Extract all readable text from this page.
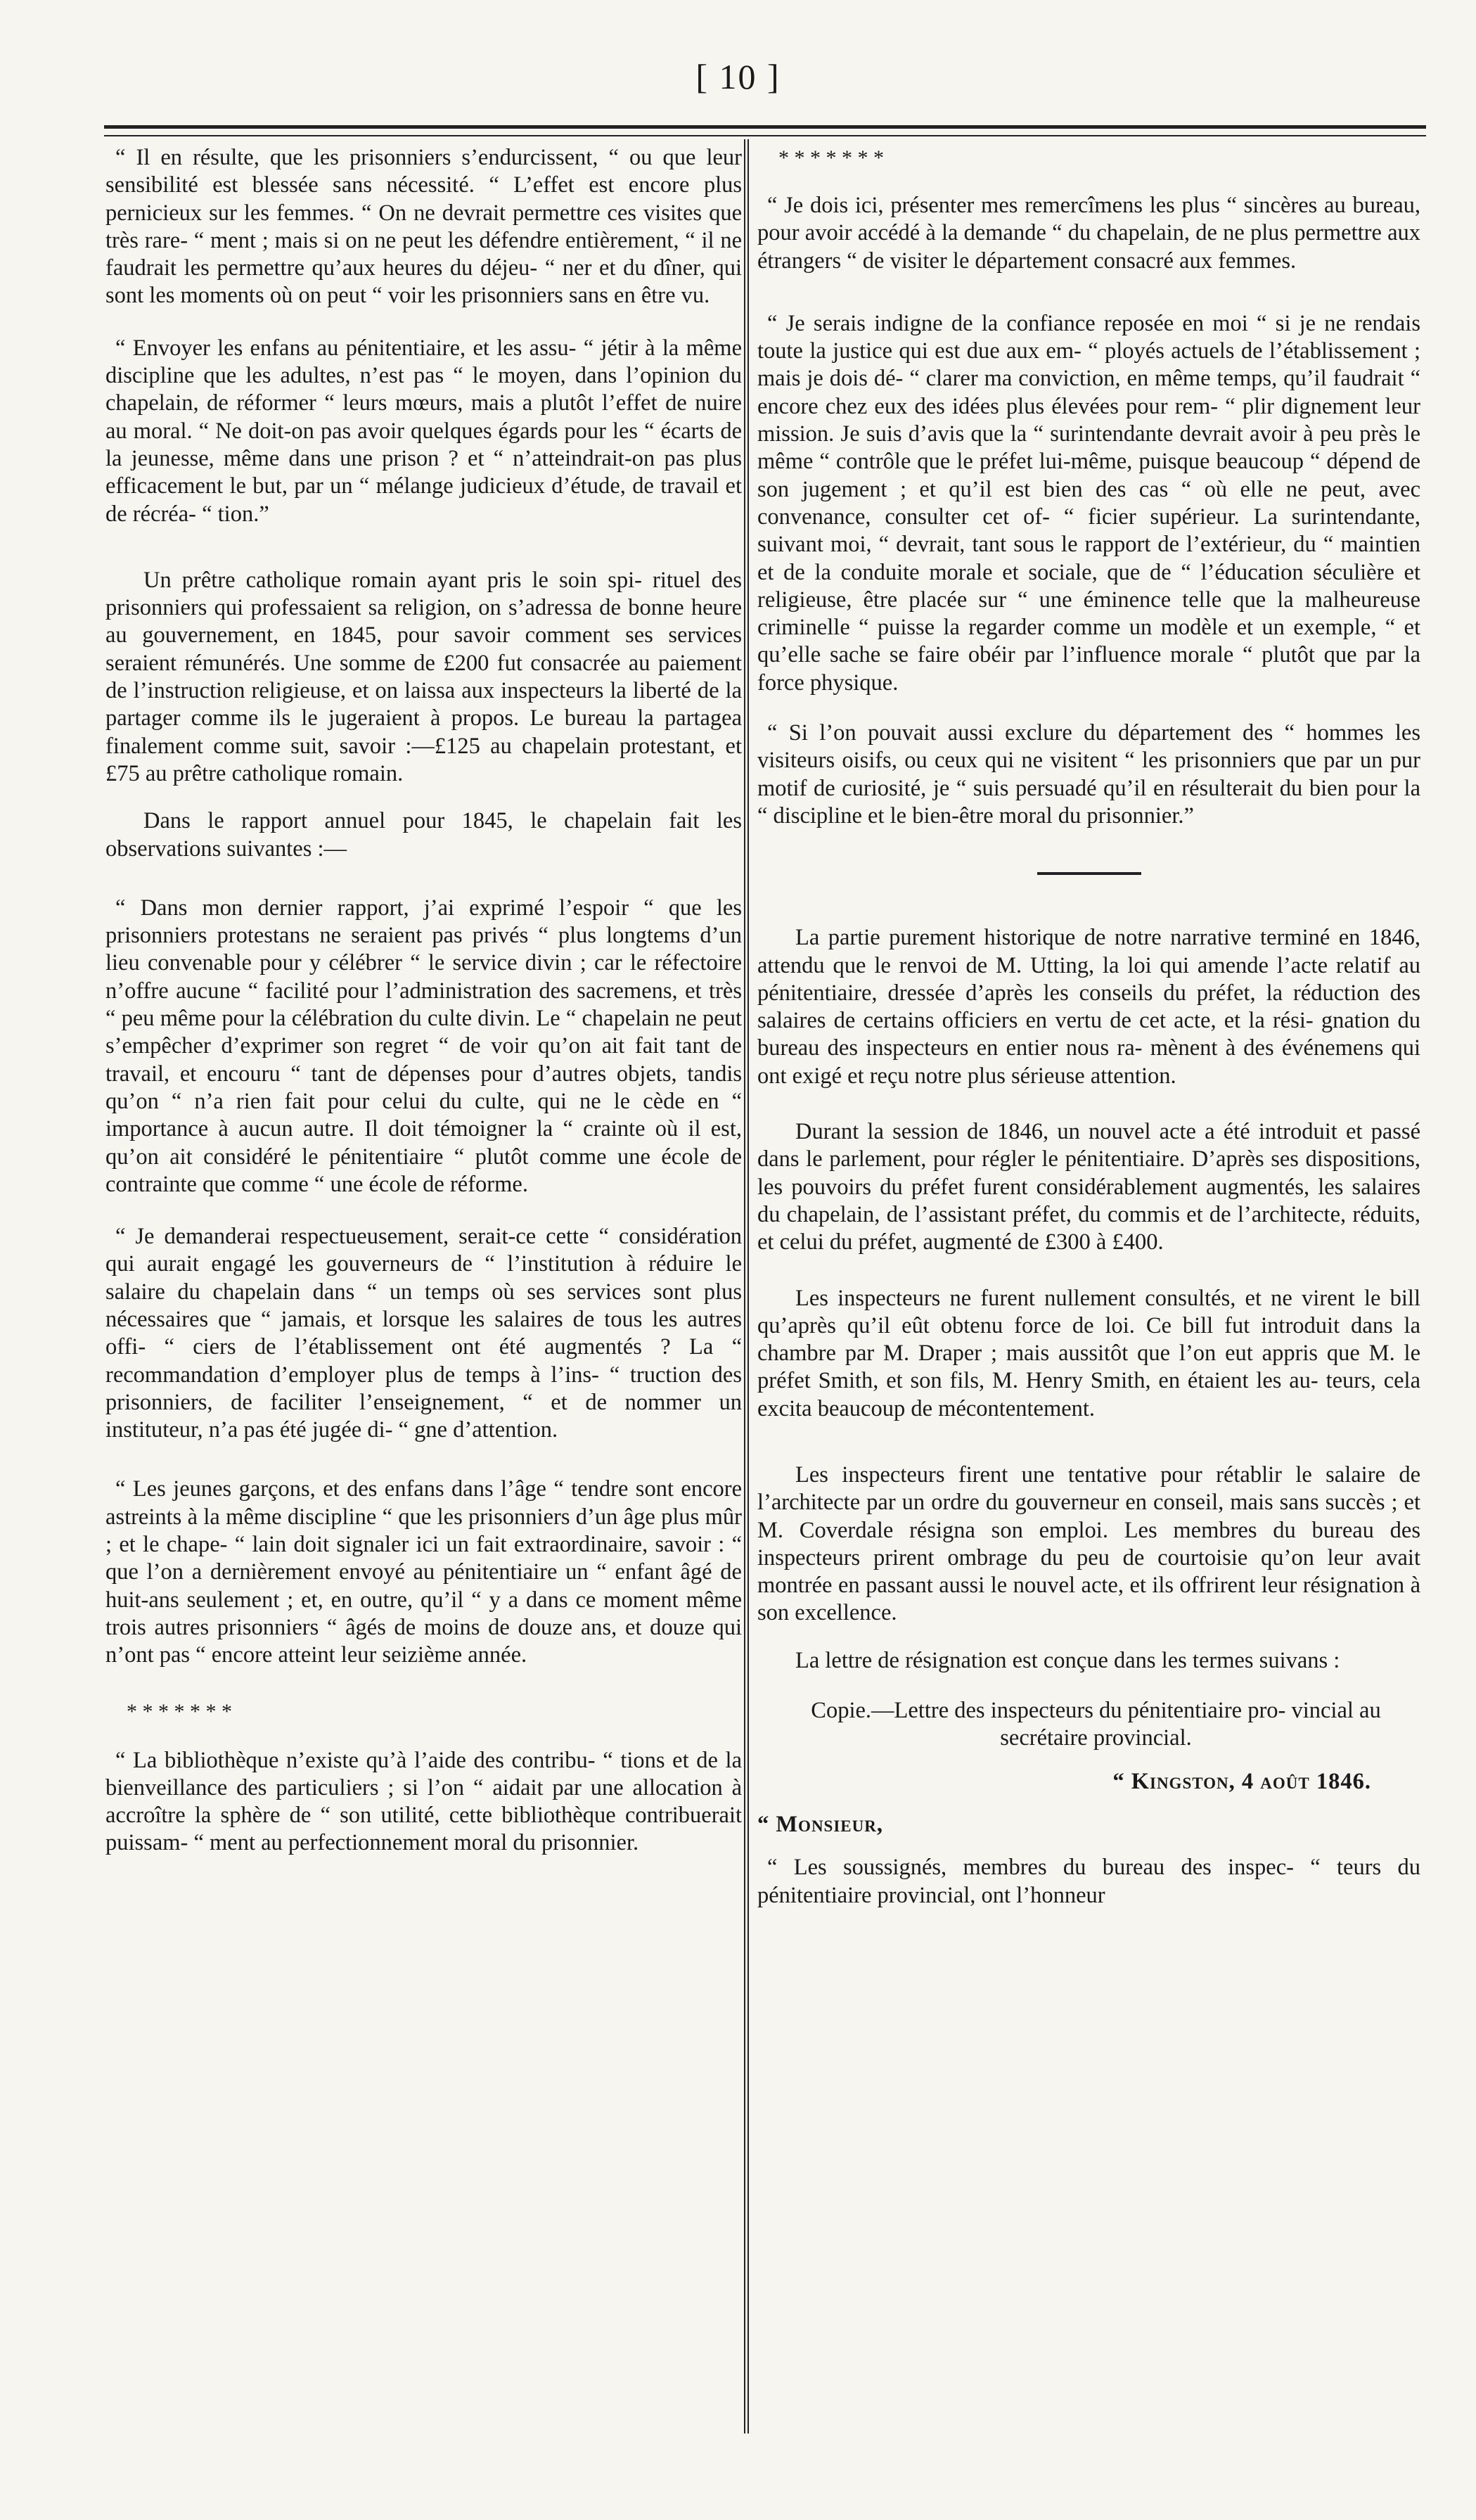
[ 10 ]

“ Il en résulte, que les prisonniers s’endurcissent, “ ou que leur sensibilité est blessée sans nécessité. “ L’effet est encore plus pernicieux sur les femmes. “ On ne devrait permettre ces visites que très rare- “ ment ; mais si on ne peut les défendre entièrement, “ il ne faudrait les permettre qu’aux heures du déjeu- “ ner et du dîner, qui sont les moments où on peut “ voir les prisonniers sans en être vu.

“ Envoyer les enfans au pénitentiaire, et les assu- “ jétir à la même discipline que les adultes, n’est pas “ le moyen, dans l’opinion du chapelain, de réformer “ leurs mœurs, mais a plutôt l’effet de nuire au moral. “ Ne doit-on pas avoir quelques égards pour les “ écarts de la jeunesse, même dans une prison ? et “ n’atteindrait-on pas plus efficacement le but, par un “ mélange judicieux d’étude, de travail et de récréa- “ tion.”

Un prêtre catholique romain ayant pris le soin spi- rituel des prisonniers qui professaient sa religion, on s’adressa de bonne heure au gouvernement, en 1845, pour savoir comment ses services seraient rémunérés. Une somme de £200 fut consacrée au paiement de l’instruction religieuse, et on laissa aux inspecteurs la liberté de la partager comme ils le jugeraient à propos. Le bureau la partagea finalement comme suit, savoir :—£125 au chapelain protestant, et £75 au prêtre catholique romain.

Dans le rapport annuel pour 1845, le chapelain fait les observations suivantes :—

“ Dans mon dernier rapport, j’ai exprimé l’espoir “ que les prisonniers protestans ne seraient pas privés “ plus longtems d’un lieu convenable pour y célébrer “ le service divin ; car le réfectoire n’offre aucune “ facilité pour l’administration des sacremens, et très “ peu même pour la célébration du culte divin. Le “ chapelain ne peut s’empêcher d’exprimer son regret “ de voir qu’on ait fait tant de travail, et encouru “ tant de dépenses pour d’autres objets, tandis qu’on “ n’a rien fait pour celui du culte, qui ne le cède en “ importance à aucun autre. Il doit témoigner la “ crainte où il est, qu’on ait considéré le pénitentiaire “ plutôt comme une école de contrainte que comme “ une école de réforme.

“ Je demanderai respectueusement, serait-ce cette “ considération qui aurait engagé les gouverneurs de “ l’institution à réduire le salaire du chapelain dans “ un temps où ses services sont plus nécessaires que “ jamais, et lorsque les salaires de tous les autres offi- “ ciers de l’établissement ont été augmentés ? La “ recommandation d’employer plus de temps à l’ins- “ truction des prisonniers, de faciliter l’enseignement, “ et de nommer un instituteur, n’a pas été jugée di- “ gne d’attention.

“ Les jeunes garçons, et des enfans dans l’âge “ tendre sont encore astreints à la même discipline “ que les prisonniers d’un âge plus mûr ; et le chape- “ lain doit signaler ici un fait extraordinaire, savoir : “ que l’on a dernièrement envoyé au pénitentiaire un “ enfant âgé de huit-ans seulement ; et, en outre, qu’il “ y a dans ce moment même trois autres prisonniers “ âgés de moins de douze ans, et douze qui n’ont pas “ encore atteint leur seizième année.

* * * * * * *

“ La bibliothèque n’existe qu’à l’aide des contribu- “ tions et de la bienveillance des particuliers ; si l’on “ aidait par une allocation à accroître la sphère de “ son utilité, cette bibliothèque contribuerait puissam- “ ment au perfectionnement moral du prisonnier.

* * * * * * *

“ Je dois ici, présenter mes remercîmens les plus “ sincères au bureau, pour avoir accédé à la demande “ du chapelain, de ne plus permettre aux étrangers “ de visiter le département consacré aux femmes.

“ Je serais indigne de la confiance reposée en moi “ si je ne rendais toute la justice qui est due aux em- “ ployés actuels de l’établissement ; mais je dois dé- “ clarer ma conviction, en même temps, qu’il faudrait “ encore chez eux des idées plus élevées pour rem- “ plir dignement leur mission. Je suis d’avis que la “ surintendante devrait avoir à peu près le même “ contrôle que le préfet lui-même, puisque beaucoup “ dépend de son jugement ; et qu’il est bien des cas “ où elle ne peut, avec convenance, consulter cet of- “ ficier supérieur. La surintendante, suivant moi, “ devrait, tant sous le rapport de l’extérieur, du “ maintien et de la conduite morale et sociale, que de “ l’éducation séculière et religieuse, être placée sur “ une éminence telle que la malheureuse criminelle “ puisse la regarder comme un modèle et un exemple, “ et qu’elle sache se faire obéir par l’influence morale “ plutôt que par la force physique.

“ Si l’on pouvait aussi exclure du département des “ hommes les visiteurs oisifs, ou ceux qui ne visitent “ les prisonniers que par un pur motif de curiosité, je “ suis persuadé qu’il en résulterait du bien pour la “ discipline et le bien-être moral du prisonnier.”

La partie purement historique de notre narrative terminé en 1846, attendu que le renvoi de M. Utting, la loi qui amende l’acte relatif au pénitentiaire, dressée d’après les conseils du préfet, la réduction des salaires de certains officiers en vertu de cet acte, et la rési- gnation du bureau des inspecteurs en entier nous ra- mènent à des événemens qui ont exigé et reçu notre plus sérieuse attention.

Durant la session de 1846, un nouvel acte a été introduit et passé dans le parlement, pour régler le pénitentiaire. D’après ses dispositions, les pouvoirs du préfet furent considérablement augmentés, les salaires du chapelain, de l’assistant préfet, du commis et de l’architecte, réduits, et celui du préfet, augmenté de £300 à £400.

Les inspecteurs ne furent nullement consultés, et ne virent le bill qu’après qu’il eût obtenu force de loi. Ce bill fut introduit dans la chambre par M. Draper ; mais aussitôt que l’on eut appris que M. le préfet Smith, et son fils, M. Henry Smith, en étaient les au- teurs, cela excita beaucoup de mécontentement.

Les inspecteurs firent une tentative pour rétablir le salaire de l’architecte par un ordre du gouverneur en conseil, mais sans succès ; et M. Coverdale résigna son emploi. Les membres du bureau des inspecteurs prirent ombrage du peu de courtoisie qu’on leur avait montrée en passant aussi le nouvel acte, et ils offrirent leur résignation à son excellence.

La lettre de résignation est conçue dans les termes suivans :

Copie.—Lettre des inspecteurs du pénitentiaire pro- vincial au secrétaire provincial.

“ Kingston, 4 août 1846.

“ Monsieur,

“ Les soussignés, membres du bureau des inspec- “ teurs du pénitentiaire provincial, ont l’honneur
